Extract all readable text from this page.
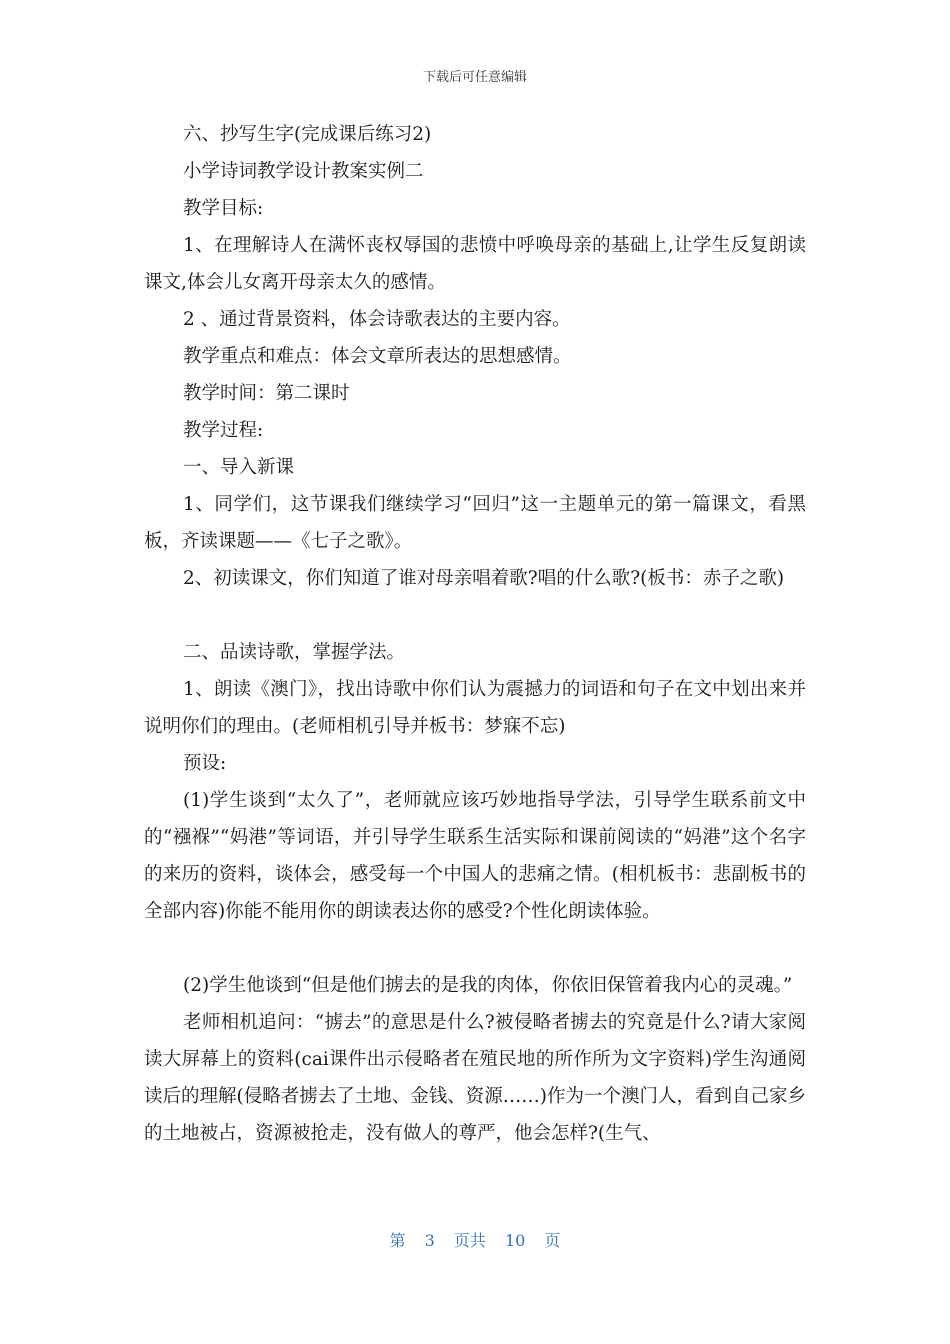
下载后可任意编辑

六、抄写生字(完成课后练习2)

小学诗词教学设计教案实例二

教学目标:

1、在理解诗人在满怀丧权辱国的悲愤中呼唤母亲的基础上,让学生反复朗读课文,体会儿女离开母亲太久的感情。

2 、通过背景资料，体会诗歌表达的主要内容。

教学重点和难点：体会文章所表达的思想感情。

教学时间：第二课时

教学过程:

一、导入新课

1、同学们，这节课我们继续学习“回归”这一主题单元的第一篇课文，看黑板，齐读课题——《七子之歌》。

2、初读课文，你们知道了谁对母亲唱着歌?唱的什么歌?(板书：赤子之歌)

二、品读诗歌，掌握学法。

1、朗读《澳门》，找出诗歌中你们认为震撼力的词语和句子在文中划出来并说明你们的理由。(老师相机引导并板书：梦寐不忘)

预设:

(1)学生谈到“太久了”，老师就应该巧妙地指导学法，引导学生联系前文中的“襁褓”“妈港”等词语，并引导学生联系生活实际和课前阅读的“妈港”这个名字的来历的资料，谈体会，感受每一个中国人的悲痛之情。(相机板书：悲副板书的全部内容)你能不能用你的朗读表达你的感受?个性化朗读体验。

(2)学生他谈到“但是他们掳去的是我的肉体，你依旧保管着我内心的灵魂。”

老师相机追问：“掳去”的意思是什么?被侵略者掳去的究竟是什么?请大家阅读大屏幕上的资料(cai课件出示侵略者在殖民地的所作所为文字资料)学生沟通阅读后的理解(侵略者掳去了土地、金钱、资源……)作为一个澳门人，看到自己家乡的土地被占，资源被抢走，没有做人的尊严，他会怎样?(生气、

第 3 页共 10 页
